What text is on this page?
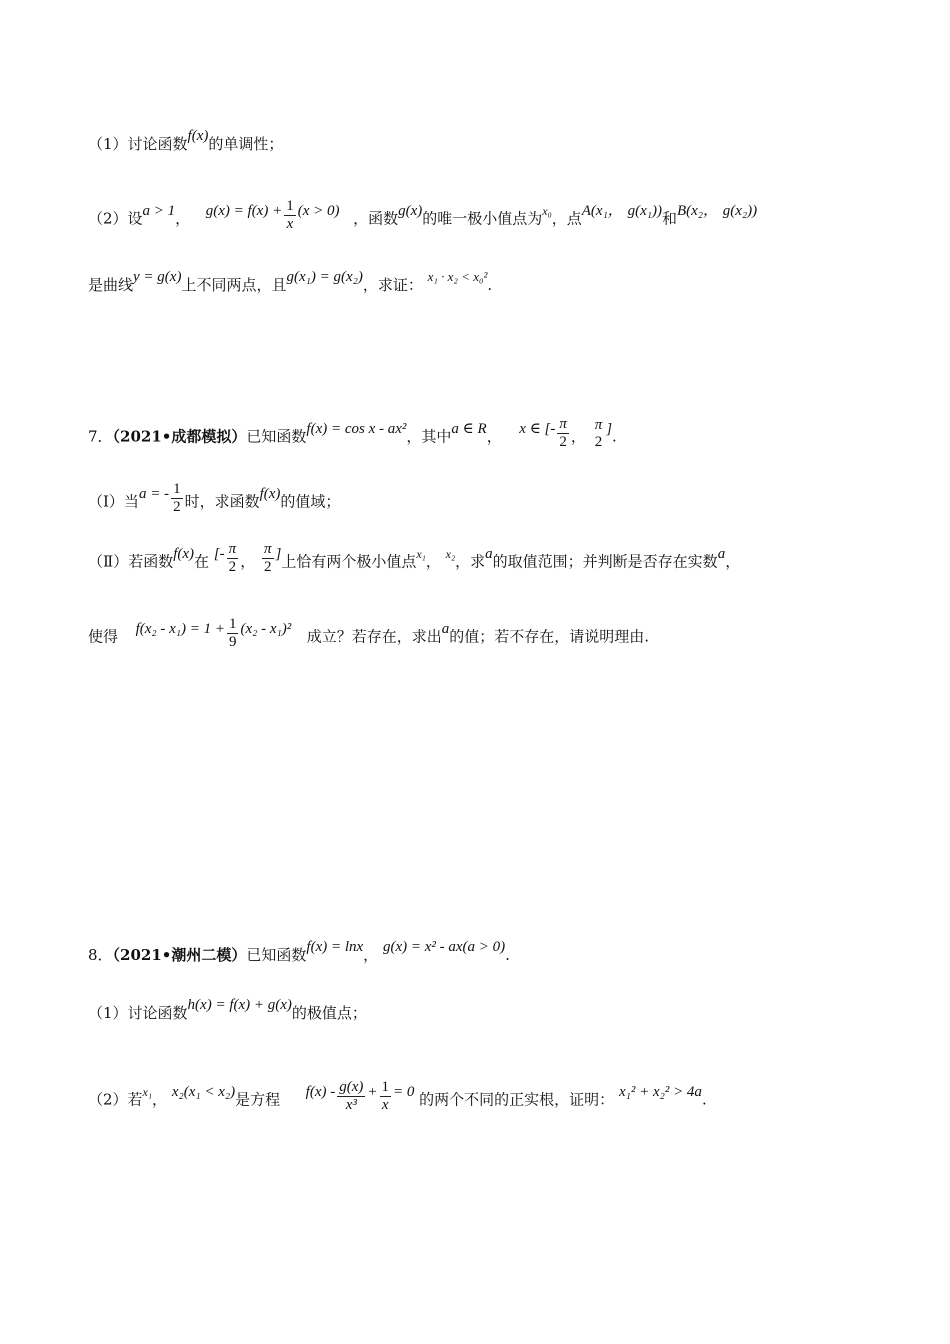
（1）讨论函数f(x)的单调性；
（2）设a > 1， $g(x) = f(x) + \frac{1}{x} (x > 0)$ ，函数g(x)的唯一极小值点为x₀，点A(x₁， g(x₁))和B(x₂， g(x₂))
是曲线y = g(x)上不同两点，且g(x₁) = g(x₂)，求证： x₁ · x₂ < x₀².
7．（2021•成都模拟）已知函数f(x) = cos x - ax²，其中a ∈ R， x ∈ [- $\frac{\pi}{2}$ ，
π
2
].
（Ⅰ）当a = - $\frac{1}{2}$ 时，求函数f(x)的值域；
（Ⅱ）若函数f(x)在 [- $\frac{\pi}{2}$ ， $\frac{\pi}{2}$ ]上恰有两个极小值点x₁， x₂，求a的取值范围；并判断是否存在实数a，
使得 $f(x_2 - x_1) = 1 + \frac{1}{9} (x_2 - x_1)^2$ 成立？若存在，求出a的值；若不存在，请说明理由.
8．（2021•潮州二模）已知函数f(x) = lnx， g(x) = x² - ax(a > 0).
（1）讨论函数h(x) = f(x) + g(x)的极值点；
（2）若x₁， x₂(x₁ < x₂)是方程 $f(x) - \frac{g(x)}{\text{x³}} + \frac{1}{x} = 0$ 的两个不同的正实根，证明： x₁² + x₂² > 4a.
